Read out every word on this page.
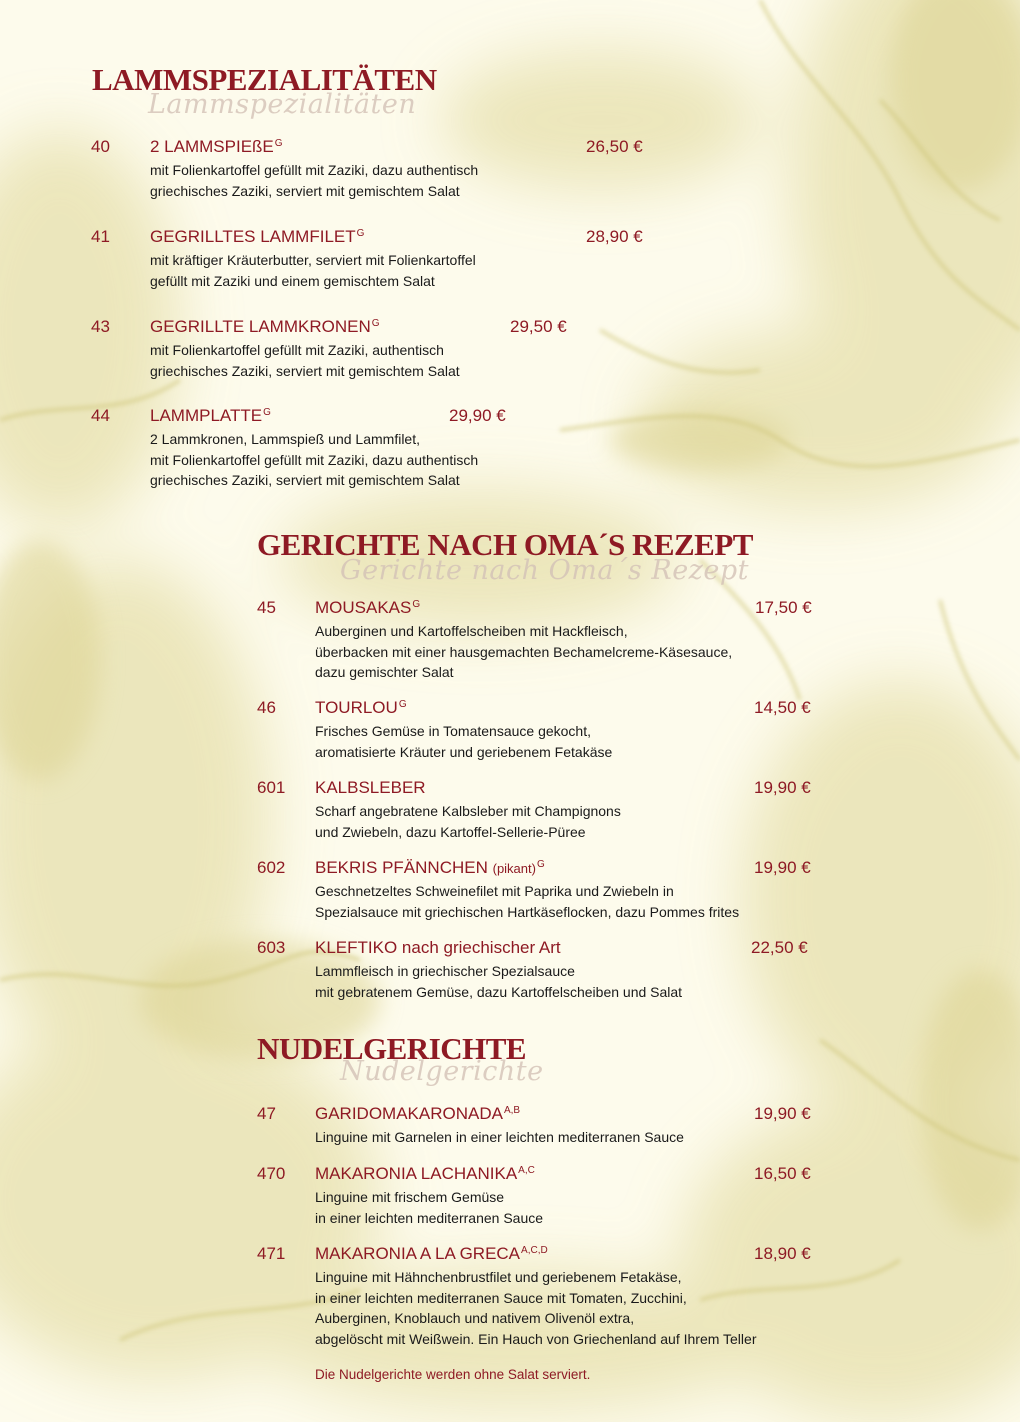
Lammspezialitäten
LAMMSPEZIALITÄTEN
40 2 LAMMSPIEßE$^G$	26,50 €
mit Folienkartoffel gefüllt mit Zaziki, dazu authentisch
griechisches Zaziki, serviert mit gemischtem Salat
41 GEGRILLTES $LAMMFILET^G$	28,90 €
mit kräftiger Kräuterbutter, serviert mit Folienkartoffel
gefüllt mit Zaziki und einem gemischtem Salat
43 GEGRILLTE $LAMMKRONEN^G$	29,50 €
mit Folienkartoffel gefüllt mit Zaziki, authentisch
griechisches Zaziki, serviert mit gemischtem Salat
44 $LAMMPLATTE^G$	29,90 €
2 Lammkronen, Lammspieß und Lammfilet,
mit Folienkartoffel gefüllt mit Zaziki, dazu authentisch
griechisches Zaziki, serviert mit gemischtem Salat
Gerichte nach Oma´s Rezept
GERICHTE NACH OMA´S REZEPT
45 $MOUSAKAS^G$	17,50 €
Auberginen und Kartoffelscheiben mit Hackfleisch,
überbacken mit einer hausgemachten Bechamelcreme-Käsesauce,
dazu gemischter Salat
46 $TOURLOU^G$	14,50 €
Frisches Gemüse in Tomatensauce gekocht,
aromatisierte Kräuter und geriebenem Fetakäse
601 KALBSLEBER	19,90 €
Scharf angebratene Kalbsleber mit Champignons
und Zwiebeln, dazu Kartoffel-Sellerie-Püree
602 BEKRIS PFÄNNCHEN (pikant)$^G$	19,90 €
Geschnetzeltes Schweinefilet mit Paprika und Zwiebeln in
Spezialsauce mit griechischen Hartkäseflocken, dazu Pommes frites
603 KLEFTIKO nach griechischer Art	22,50 €
Lammfleisch in griechischer Spezialsauce
mit gebratenem Gemüse, dazu Kartoffelscheiben und Salat
Nudelgerichte
NUDELGERICHTE
47 $GARIDOMAKARONADA^{A,B}$	19,90 €
Linguine mit Garnelen in einer leichten mediterranen Sauce
470 MAKARONIA $LACHANIKA^{A,C}$	16,50 €
Linguine mit frischem Gemüse
in einer leichten mediterranen Sauce
471 MAKARONIA A LA $GRECA^{A,C,D}$	18,90 €
Linguine mit Hähnchenbrustfilet und geriebenem Fetakäse,
in einer leichten mediterranen Sauce mit Tomaten, Zucchini,
Auberginen, Knoblauch und nativem Olivenöl extra,
abgelöscht mit Weißwein. Ein Hauch von Griechenland auf Ihrem Teller
Die Nudelgerichte werden ohne Salat serviert.
